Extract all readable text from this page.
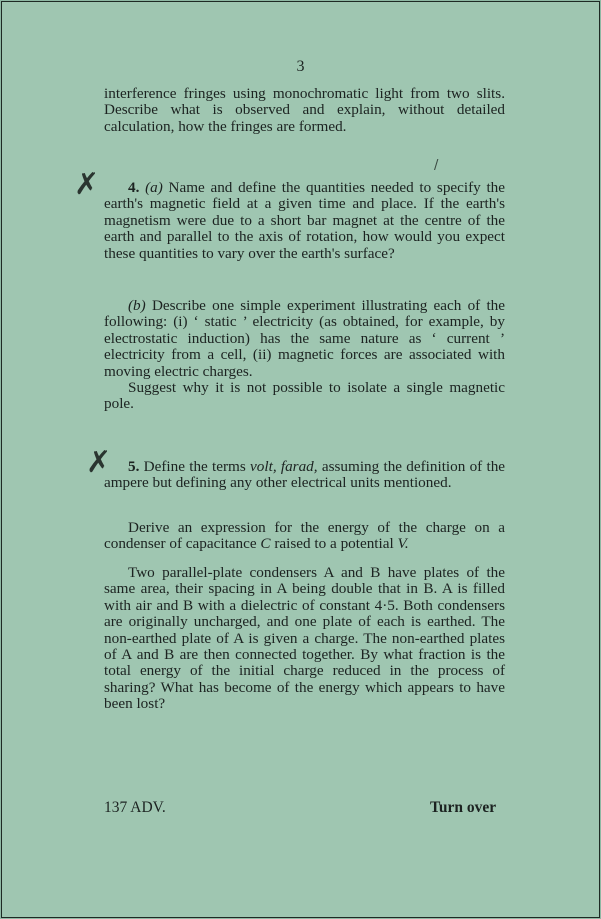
3

interference fringes using monochromatic light from two slits. Describe what is observed and explain, without detailed calculation, how the fringes are formed.

/
✗	4. (a) Name and define the quantities needed to specify the earth's magnetic field at a given time and place. If the earth's magnetism were due to a short bar magnet at the centre of the earth and parallel to the axis of rotation, how would you expect these quantities to vary over the earth's surface?

(b) Describe one simple experiment illustrating each of the following: (i) ‘ static ’ electricity (as obtained, for example, by electrostatic induction) has the same nature as ‘ current ’ electricity from a cell, (ii) magnetic forces are associated with moving electric charges.

Suggest why it is not possible to isolate a single magnetic pole.

✗	5. Define the terms volt, farad, assuming the definition of the ampere but defining any other electrical units mentioned.

Derive an expression for the energy of the charge on a condenser of capacitance C raised to a potential V.

Two parallel-plate condensers A and B have plates of the same area, their spacing in A being double that in B. A is filled with air and B with a dielectric of constant 4·5. Both condensers are originally uncharged, and one plate of each is earthed. The non-earthed plate of A is given a charge. The non-earthed plates of A and B are then connected together. By what fraction is the total energy of the initial charge reduced in the process of sharing? What has become of the energy which appears to have been lost?

137 ADV.	Turn over
